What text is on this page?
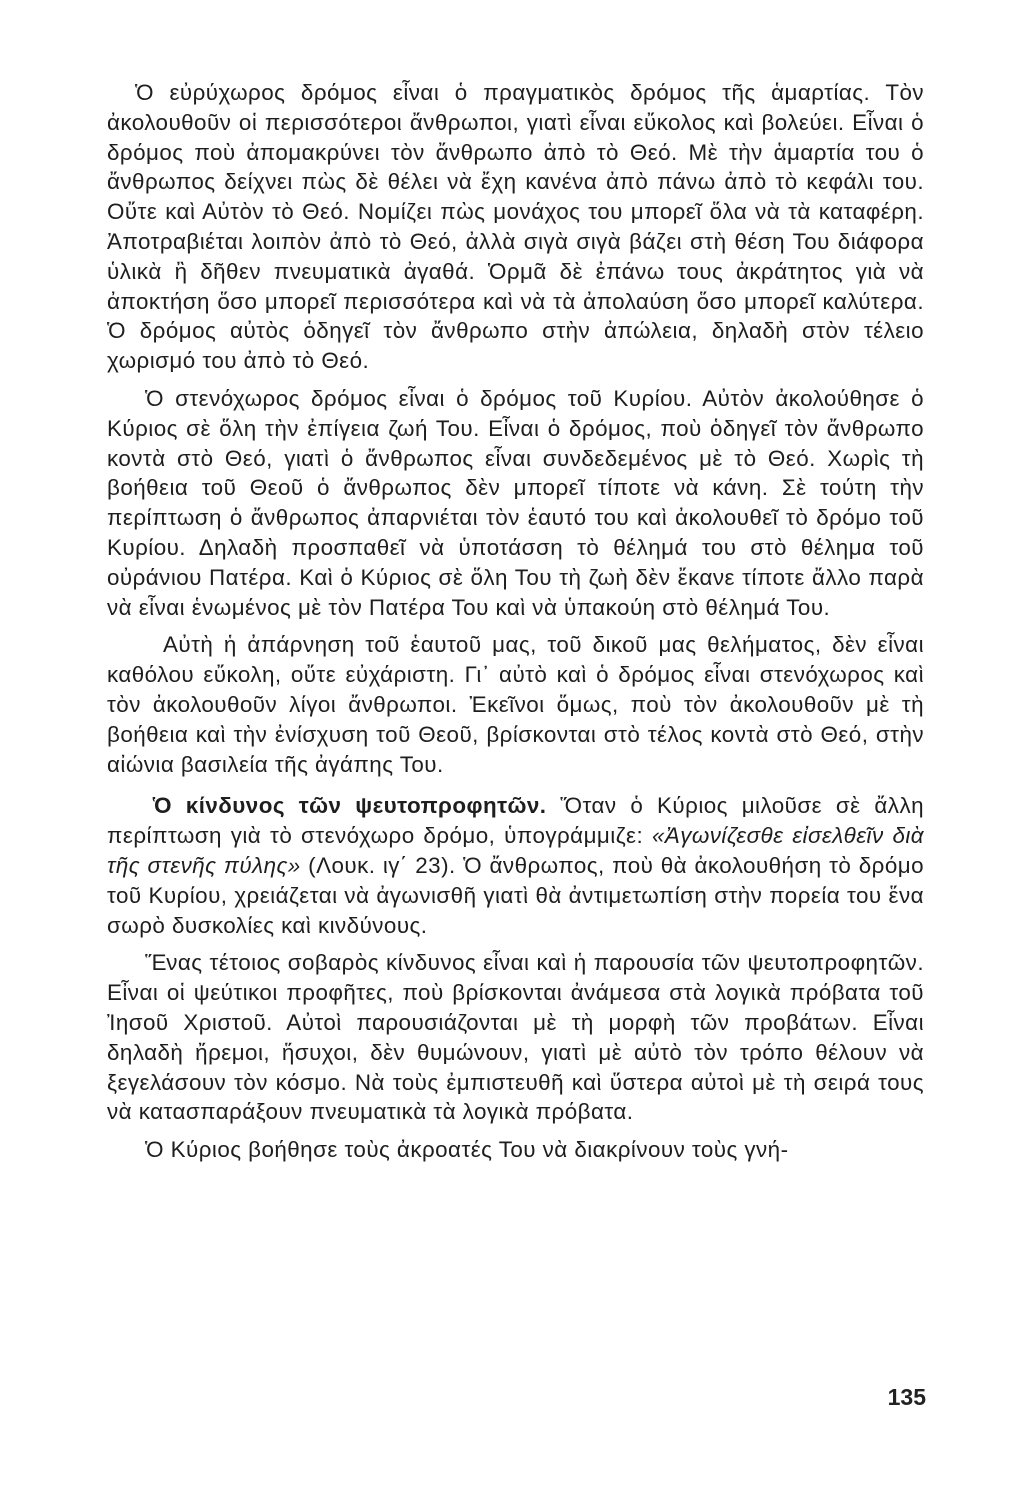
Ὁ εὐρύχωρος δρόμος εἶναι ὁ πραγματικὸς δρόμος τῆς ἁμαρτίας. Τὸν ἀκολουθοῦν οἱ περισσότεροι ἄνθρωποι, γιατὶ εἶναι εὔκολος καὶ βολεύει. Εἶναι ὁ δρόμος ποὺ ἀπομακρύνει τὸν ἄνθρωπο ἀπὸ τὸ Θεό. Μὲ τὴν ἁμαρτία του ὁ ἄνθρωπος δείχνει πὼς δὲ θέλει νὰ ἔχη κανένα ἀπὸ πάνω ἀπὸ τὸ κεφάλι του. Οὔτε καὶ Αὐτὸν τὸ Θεό. Νομίζει πὼς μονάχος του μπορεῖ ὅλα νὰ τὰ καταφέρη. Ἀποτραβιέται λοιπὸν ἀπὸ τὸ Θεό, ἀλλὰ σιγὰ σιγὰ βάζει στὴ θέση Του διάφορα ὑλικὰ ἢ δῆθεν πνευματικὰ ἀγαθά. Ὁρμᾶ δὲ ἐπάνω τους ἀκράτητος γιὰ νὰ ἀποκτήση ὅσο μπορεῖ περισσότερα καὶ νὰ τὰ ἀπολαύση ὅσο μπορεῖ καλύτερα. Ὁ δρόμος αὐτὸς ὁδηγεῖ τὸν ἄνθρωπο στὴν ἀπώλεια, δηλαδὴ στὸν τέλειο χωρισμό του ἀπὸ τὸ Θεό.

Ὁ στενόχωρος δρόμος εἶναι ὁ δρόμος τοῦ Κυρίου. Αὐτὸν ἀκολούθησε ὁ Κύριος σὲ ὅλη τὴν ἐπίγεια ζωή Του. Εἶναι ὁ δρόμος, ποὺ ὁδηγεῖ τὸν ἄνθρωπο κοντὰ στὸ Θεό, γιατὶ ὁ ἄνθρωπος εἶναι συνδεδεμένος μὲ τὸ Θεό. Χωρὶς τὴ βοήθεια τοῦ Θεοῦ ὁ ἄνθρωπος δὲν μπορεῖ τίποτε νὰ κάνη. Σὲ τούτη τὴν περίπτωση ὁ ἄνθρωπος ἀπαρνιέται τὸν ἑαυτό του καὶ ἀκολουθεῖ τὸ δρόμο τοῦ Κυρίου. Δηλαδὴ προσπαθεῖ νὰ ὑποτάσση τὸ θέλημά του στὸ θέλημα τοῦ οὐράνιου Πατέρα. Καὶ ὁ Κύριος σὲ ὅλη Του τὴ ζωὴ δὲν ἔκανε τίποτε ἄλλο παρὰ νὰ εἶναι ἑνωμένος μὲ τὸν Πατέρα Του καὶ νὰ ὑπακούη στὸ θέλημά Του.

Αὐτὴ ἡ ἀπάρνηση τοῦ ἑαυτοῦ μας, τοῦ δικοῦ μας θελήματος, δὲν εἶναι καθόλου εὔκολη, οὔτε εὐχάριστη. Γι᾽ αὐτὸ καὶ ὁ δρόμος εἶναι στενόχωρος καὶ τὸν ἀκολουθοῦν λίγοι ἄνθρωποι. Ἐκεῖνοι ὅμως, ποὺ τὸν ἀκολουθοῦν μὲ τὴ βοήθεια καὶ τὴν ἐνίσχυση τοῦ Θεοῦ, βρίσκονται στὸ τέλος κοντὰ στὸ Θεό, στὴν αἰώνια βασιλεία τῆς ἀγάπης Του.

Ὁ κίνδυνος τῶν ψευτοπροφητῶν. Ὅταν ὁ Κύριος μιλοῦσε σὲ ἄλλη περίπτωση γιὰ τὸ στενόχωρο δρόμο, ὑπογράμμιζε: «Ἀγωνίζεσθε εἰσελθεῖν διὰ τῆς στενῆς πύλης» (Λουκ. ιγ΄ 23). Ὁ ἄνθρωπος, ποὺ θὰ ἀκολουθήση τὸ δρόμο τοῦ Κυρίου, χρειάζεται νὰ ἀγωνισθῆ γιατὶ θὰ ἀντιμετωπίση στὴν πορεία του ἕνα σωρὸ δυσκολίες καὶ κινδύνους.

Ἕνας τέτοιος σοβαρὸς κίνδυνος εἶναι καὶ ἡ παρουσία τῶν ψευτοπροφητῶν. Εἶναι οἱ ψεύτικοι προφῆτες, ποὺ βρίσκονται ἀνάμεσα στὰ λογικὰ πρόβατα τοῦ Ἰησοῦ Χριστοῦ. Αὐτοὶ παρουσιάζονται μὲ τὴ μορφὴ τῶν προβάτων. Εἶναι δηλαδὴ ἤρεμοι, ἥσυχοι, δὲν θυμώνουν, γιατὶ μὲ αὐτὸ τὸν τρόπο θέλουν νὰ ξεγελάσουν τὸν κόσμο. Νὰ τοὺς ἐμπιστευθῆ καὶ ὕστερα αὐτοὶ μὲ τὴ σειρά τους νὰ κατασπαράξουν πνευματικὰ τὰ λογικὰ πρόβατα.

Ὁ Κύριος βοήθησε τοὺς ἀκροατές Του νὰ διακρίνουν τοὺς γνή-

135
